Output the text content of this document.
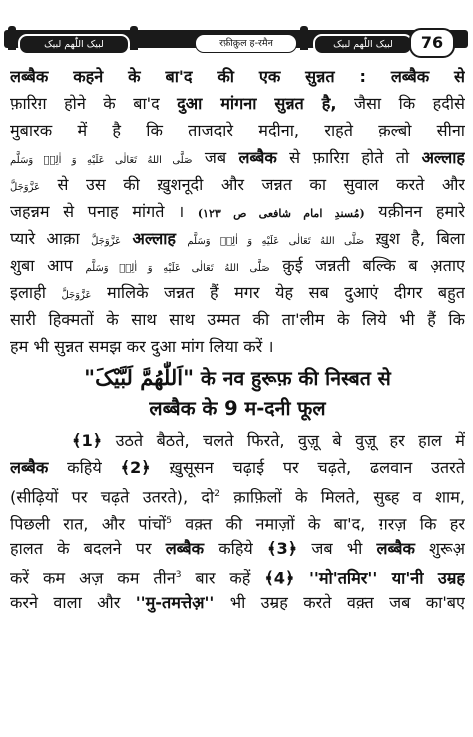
لبیک اللّٰھم لبیک	रफ़ीक़ुल ह-रमैन	لبیک اللّٰھم لبیک	76
लब्बैक कहने के बा'द की एक सुन्नत : लब्बैक से
फ़ारिग़ होने के बा'द दुआ मांगना सुन्नत है, जैसा कि हदीसे
मुबारक में है कि ताजदारे मदीना, राहते क़ल्बो सीना
صَلَّى اللهُ تَعَالٰى عَلَيْهِ وَ اٰلِهٖ وَسَلَّم जब लब्बैक से फ़ारिग़ होते तो अल्लाह
عَزَّوَجَلَّ से उस की ख़ुशनूदी और जन्नत का सुवाल करते और
जहन्नम से पनाह मांगते । (مُسندِ امام شافعی ص ۱۲۳) यक़ीनन हमारे
प्यारे आक़ा عَزَّوَجَلَّ अल्लाह صَلَّى اللهُ تَعَالٰى عَلَيْهِ وَ اٰلِهٖ وَسَلَّم ख़ुश है, बिला
शुबा आप صَلَّى اللهُ تَعَالٰى عَلَيْهِ وَ اٰلِهٖ وَسَلَّم क़ुई जन्नती बल्कि ब अ़ताए
इलाही عَزَّوَجَلَّ मालिके जन्नत हैं मगर येह सब दुआएं दीगर बहुत
सारी हिक्मतों के साथ साथ उम्मत की ता'लीम के लिये भी हैं कि
हम भी सुन्नत समझ कर दुआ मांग लिया करें ।
"اَللّٰھُمَّ لَبَّیْکَ" के नव हुरूफ़ की निस्बत से
लब्बैक के 9 म-दनी फूल
﴾1﴿ उठते बैठते, चलते फिरते, वुज़ू बे वुज़ू हर हाल में
लब्बैक कहिये ﴾2﴿ ख़ुसूसन चढ़ाई पर चढ़ते, ढलवान उतरते
(सीढ़ियों पर चढ़ते उतरते), दो$^2$ क़ाफ़िलों के मिलते, सुब्ह व शाम,
पिछली रात, और पांचों$^5$ वक़्त की नमाज़ों के बा'द, ग़रज़ कि हर
हालत के बदलने पर लब्बैक कहिये ﴾3﴿ जब भी लब्बैक शुरूअ़
करें कम अज़ कम तीन$^3$ बार कहें ﴾4﴿ ''मो'तमिर'' या'नी उम्रह
करने वाला और ''मु-तमत्तेअ़'' भी उम्रह करते वक़्त जब का'बए
